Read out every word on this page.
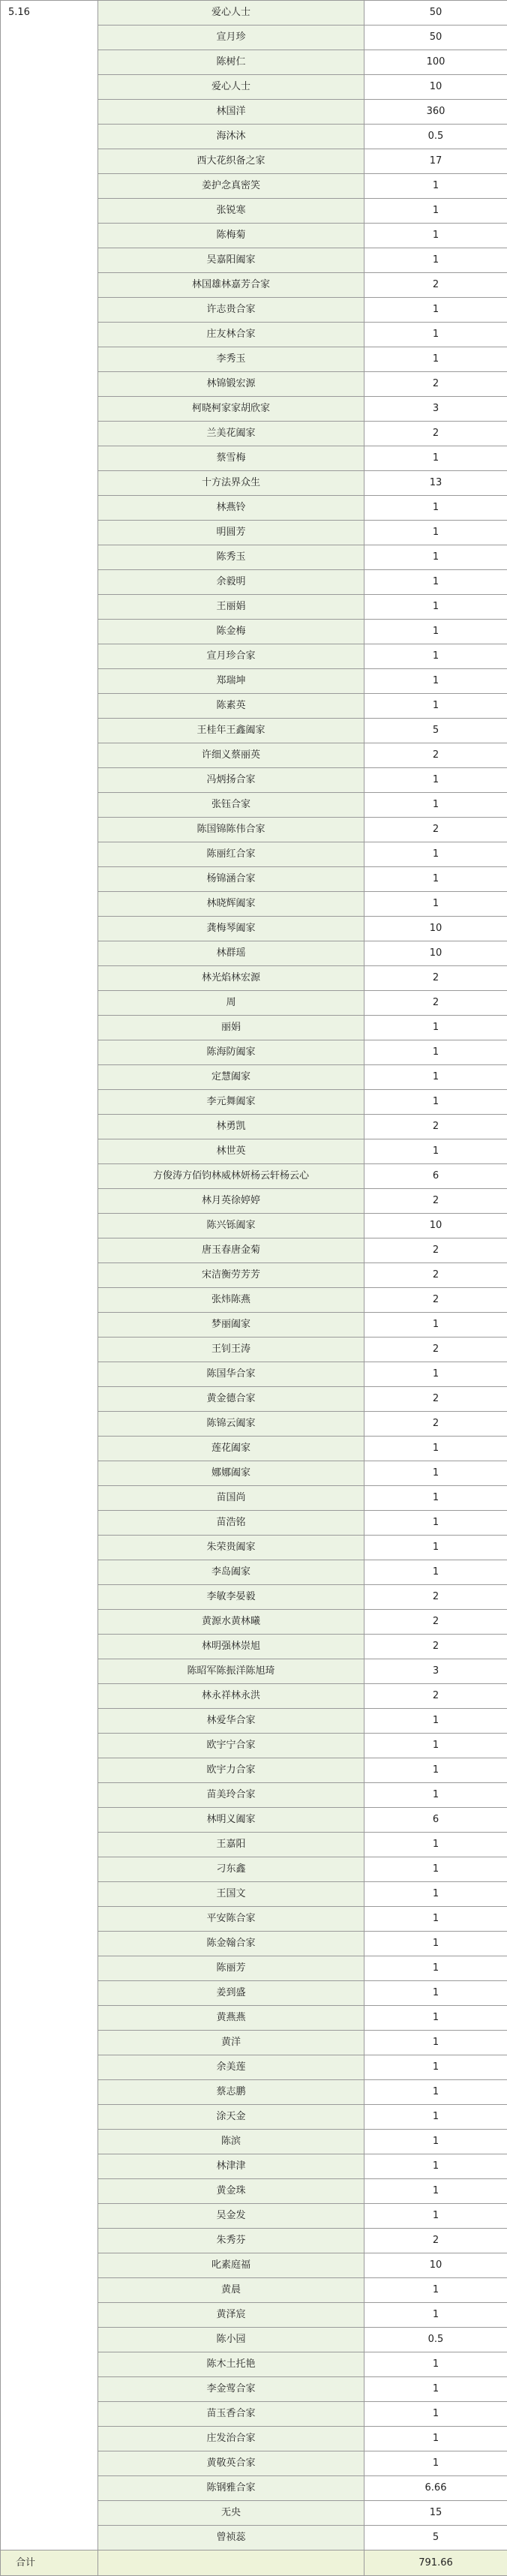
5.16	爱心人士	50
	宣月珍	50
	陈树仁	100
	爱心人士	10
	林国洋	360
	海沐沐	0.5
	西大花织备之家	17
	姜护念真密笑	1
	张锐寒	1
	陈梅菊	1
	吴嘉阳阖家	1
	林国雄林嘉芳合家	2
	许志贵合家	1
	庄友林合家	1
	李秀玉	1
	林锦锻宏源	2
	柯晓柯家家胡欣家	3
	兰美花阖家	2
	蔡雪梅	1
	十方法界众生	13
	林燕铃	1
	明圆芳	1
	陈秀玉	1
	余毅明	1
	王丽娟	1
	陈金梅	1
	宣月珍合家	1
	郑瑞坤	1
	陈素英	1
	王桂年王鑫阖家	5
	许细义蔡丽英	2
	冯炳扬合家	1
	张钰合家	1
	陈国锦陈伟合家	2
	陈丽红合家	1
	杨锦涵合家	1
	林晓辉阖家	1
	龚梅琴阖家	10
	林群瑶	10
	林光焰林宏源	2
	周	2
	丽娟	1
	陈海防阖家	1
	定慧阖家	1
	李元舞阖家	1
	林勇凯	2
	林世英	1
	方俊涛方佰钧林威林妍杨云轩杨云心	6
	林月英徐婷婷	2
	陈兴铄阖家	10
	唐玉春唐金菊	2
	宋洁衡劳芳芳	2
	张炜陈燕	2
	梦丽阖家	1
	王钊王涛	2
	陈国华合家	1
	黄金德合家	2
	陈锦云阖家	2
	莲花阖家	1
	娜娜阖家	1
	苗国尚	1
	苗浩铭	1
	朱荣贵阖家	1
	李岛阖家	1
	李敏李晏毅	2
	黄源水黄林曦	2
	林明强林崇旭	2
	陈昭军陈振洋陈旭琦	3
	林永祥林永洪	2
	林爱华合家	1
	欧宇宁合家	1
	欧宇力合家	1
	苗美玲合家	1
	林明义阖家	6
	王嘉阳	1
	刁东鑫	1
	王国文	1
	平安陈合家	1
	陈金翰合家	1
	陈丽芳	1
	姜到盛	1
	黄燕燕	1
	黄洋	1
	余美莲	1
	蔡志鹏	1
	涂天金	1
	陈滨	1
	林津津	1
	黄金珠	1
	吴金发	1
	朱秀芬	2
	叱素庭福	10
	黄晨	1
	黄泽宸	1
	陈小园	0.5
	陈木土托艳	1
	李金莺合家	1
	苗玉香合家	1
	庄发治合家	1
	黄敬英合家	1
	陈钢雅合家	6.66
	无央	15
	曾祯蕊	5
合计		791.66
